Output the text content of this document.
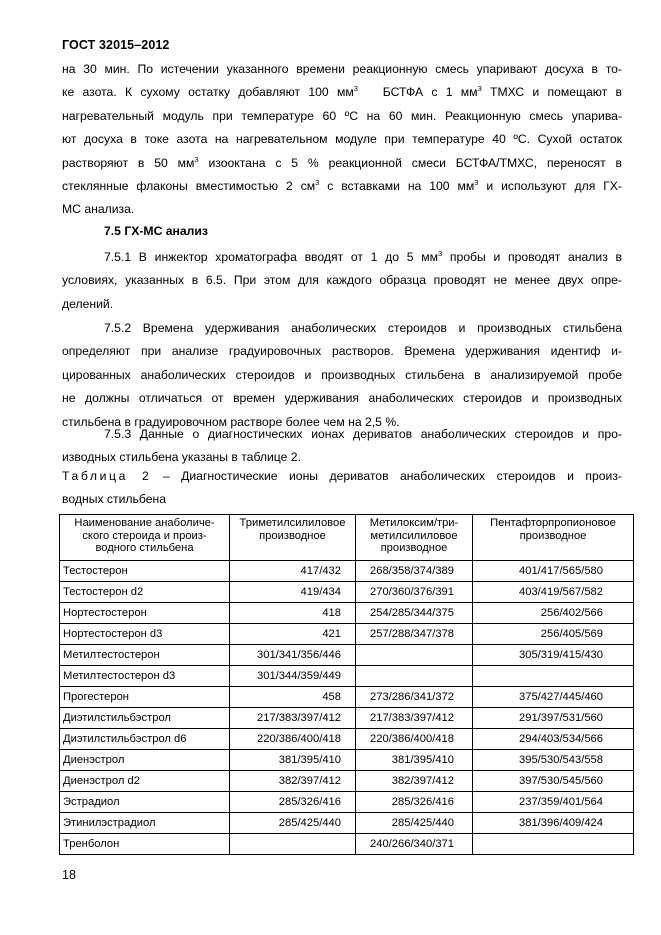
ГОСТ 32015–2012
на 30 мин. По истечении указанного времени реакционную смесь упаривают досуха в то-
ке азота. К сухому остатку добавляют 100 $мм^3$ БСТФА с 1 $мм^3$ ТМХС и помещают в
нагревательный модуль при температуре 60 ºС на 60 мин. Реакционную смесь упарива-
ют досуха в токе азота на нагревательном модуле при температуре 40 ºС. Сухой остаток
растворяют в 50 $мм^3$ изооктана с 5 % реакционной смеси БСТФА/ТМХС, переносят в
стеклянные флаконы вместимостью 2 $см^3$ с вставками на 100 $мм^3$ и используют для ГХ-
МС анализа.
7.5 ГХ-МС анализ
7.5.1 В инжектор хроматографа вводят от 1 до 5 $мм^3$ пробы и проводят анализ в
условиях, указанных в 6.5. При этом для каждого образца проводят не менее двух опре-
делений.
7.5.2 Времена удерживания анаболических стероидов и производных стильбена
определяют при анализе градуировочных растворов. Времена удерживания идентиф и-
цированных анаболических стероидов и производных стильбена в анализируемой пробе
не должны отличаться от времен удерживания анаболических стероидов и производных
стильбена в градуировочном растворе более чем на 2,5 %.
7.5.3 Данные о диагностических ионах дериватов анаболических стероидов и про-
изводных стильбена указаны в таблице 2.
Таблица 2 – Диагностические ионы дериватов анаболических стероидов и произ-
водных стильбена
Наименование анаболиче-ского стероида и произ-водного стильбена	Триметилсилиловое производное	Метилоксим/три-метилсилиловое производное	Пентафторпропионовое производное
Тестостерон	417/432	268/358/374/389	401/417/565/580
Тестостерон d2	419/434	270/360/376/391	403/419/567/582
Нортестостерон	418	254/285/344/375	256/402/566
Нортестостерон d3	421	257/288/347/378	256/405/569
Метилтестостерон	301/341/356/446		305/319/415/430
Метилтестостерон d3	301/344/359/449		
Прогестерон	458	273/286/341/372	375/427/445/460
Диэтилстильбэстрол	217/383/397/412	217/383/397/412	291/397/531/560
Диэтилстильбэстрол d6	220/386/400/418	220/386/400/418	294/403/534/566
Диенэстрол	381/395/410	381/395/410	395/530/543/558
Диенэстрол d2	382/397/412	382/397/412	397/530/545/560
Эстрадиол	285/326/416	285/326/416	237/359/401/564
Этинилэстрадиол	285/425/440	285/425/440	381/396/409/424
Тренболон		240/266/340/371	
18
